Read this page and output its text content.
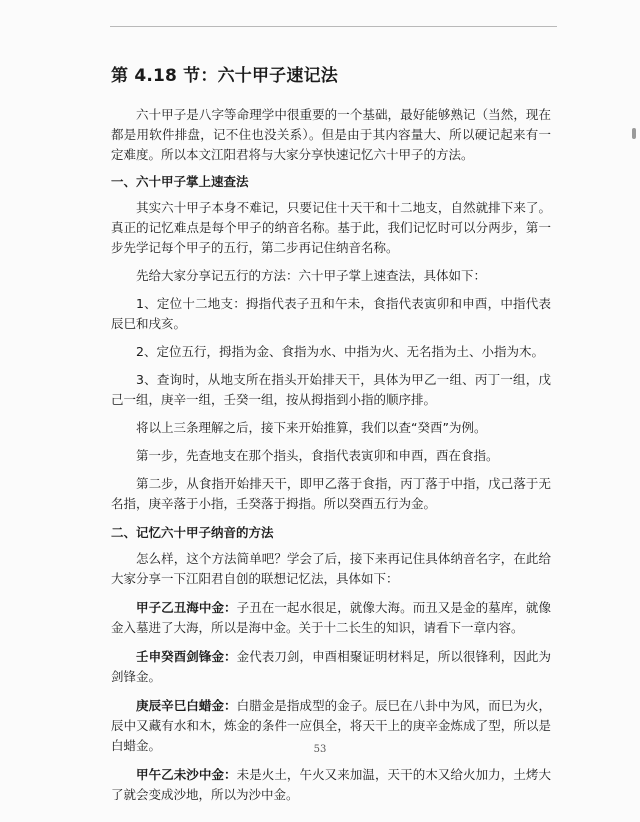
第 4.18 节：六十甲子速记法

六十甲子是八字等命理学中很重要的一个基础，最好能够熟记（当然，现在都是用软件排盘，记不住也没关系）。但是由于其内容量大、所以硬记起来有一定难度。所以本文江阳君将与大家分享快速记忆六十甲子的方法。

一、六十甲子掌上速查法

其实六十甲子本身不难记，只要记住十天干和十二地支，自然就排下来了。真正的记忆难点是每个甲子的纳音名称。基于此，我们记忆时可以分两步，第一步先学记每个甲子的五行，第二步再记住纳音名称。

先给大家分享记五行的方法：六十甲子掌上速查法，具体如下：

1、定位十二地支：拇指代表子丑和午未，食指代表寅卯和申酉，中指代表辰巳和戌亥。

2、定位五行，拇指为金、食指为水、中指为火、无名指为土、小指为木。

3、查询时，从地支所在指头开始排天干，具体为甲乙一组、丙丁一组，戊己一组，庚辛一组，壬癸一组，按从拇指到小指的顺序排。

将以上三条理解之后，接下来开始推算，我们以查“癸酉”为例。

第一步，先查地支在那个指头，食指代表寅卯和申酉，酉在食指。

第二步，从食指开始排天干，即甲乙落于食指，丙丁落于中指，戊己落于无名指，庚辛落于小指，壬癸落于拇指。所以癸酉五行为金。

二、记忆六十甲子纳音的方法

怎么样，这个方法简单吧？学会了后，接下来再记住具体纳音名字，在此给大家分享一下江阳君自创的联想记忆法，具体如下：

甲子乙丑海中金：子丑在一起水很足，就像大海。而丑又是金的墓库，就像金入墓进了大海，所以是海中金。关于十二长生的知识，请看下一章内容。

壬申癸酉剑锋金：金代表刀剑，申酉相聚证明材料足，所以很锋利，因此为剑锋金。

庚辰辛巳白蜡金：白腊金是指成型的金子。辰巳在八卦中为风，而巳为火，辰中又藏有水和木，炼金的条件一应俱全，将天干上的庚辛金炼成了型，所以是白蜡金。

甲午乙未沙中金：未是火土，午火又来加温，天干的木又给火加力，土烤大了就会变成沙地，所以为沙中金。

53
